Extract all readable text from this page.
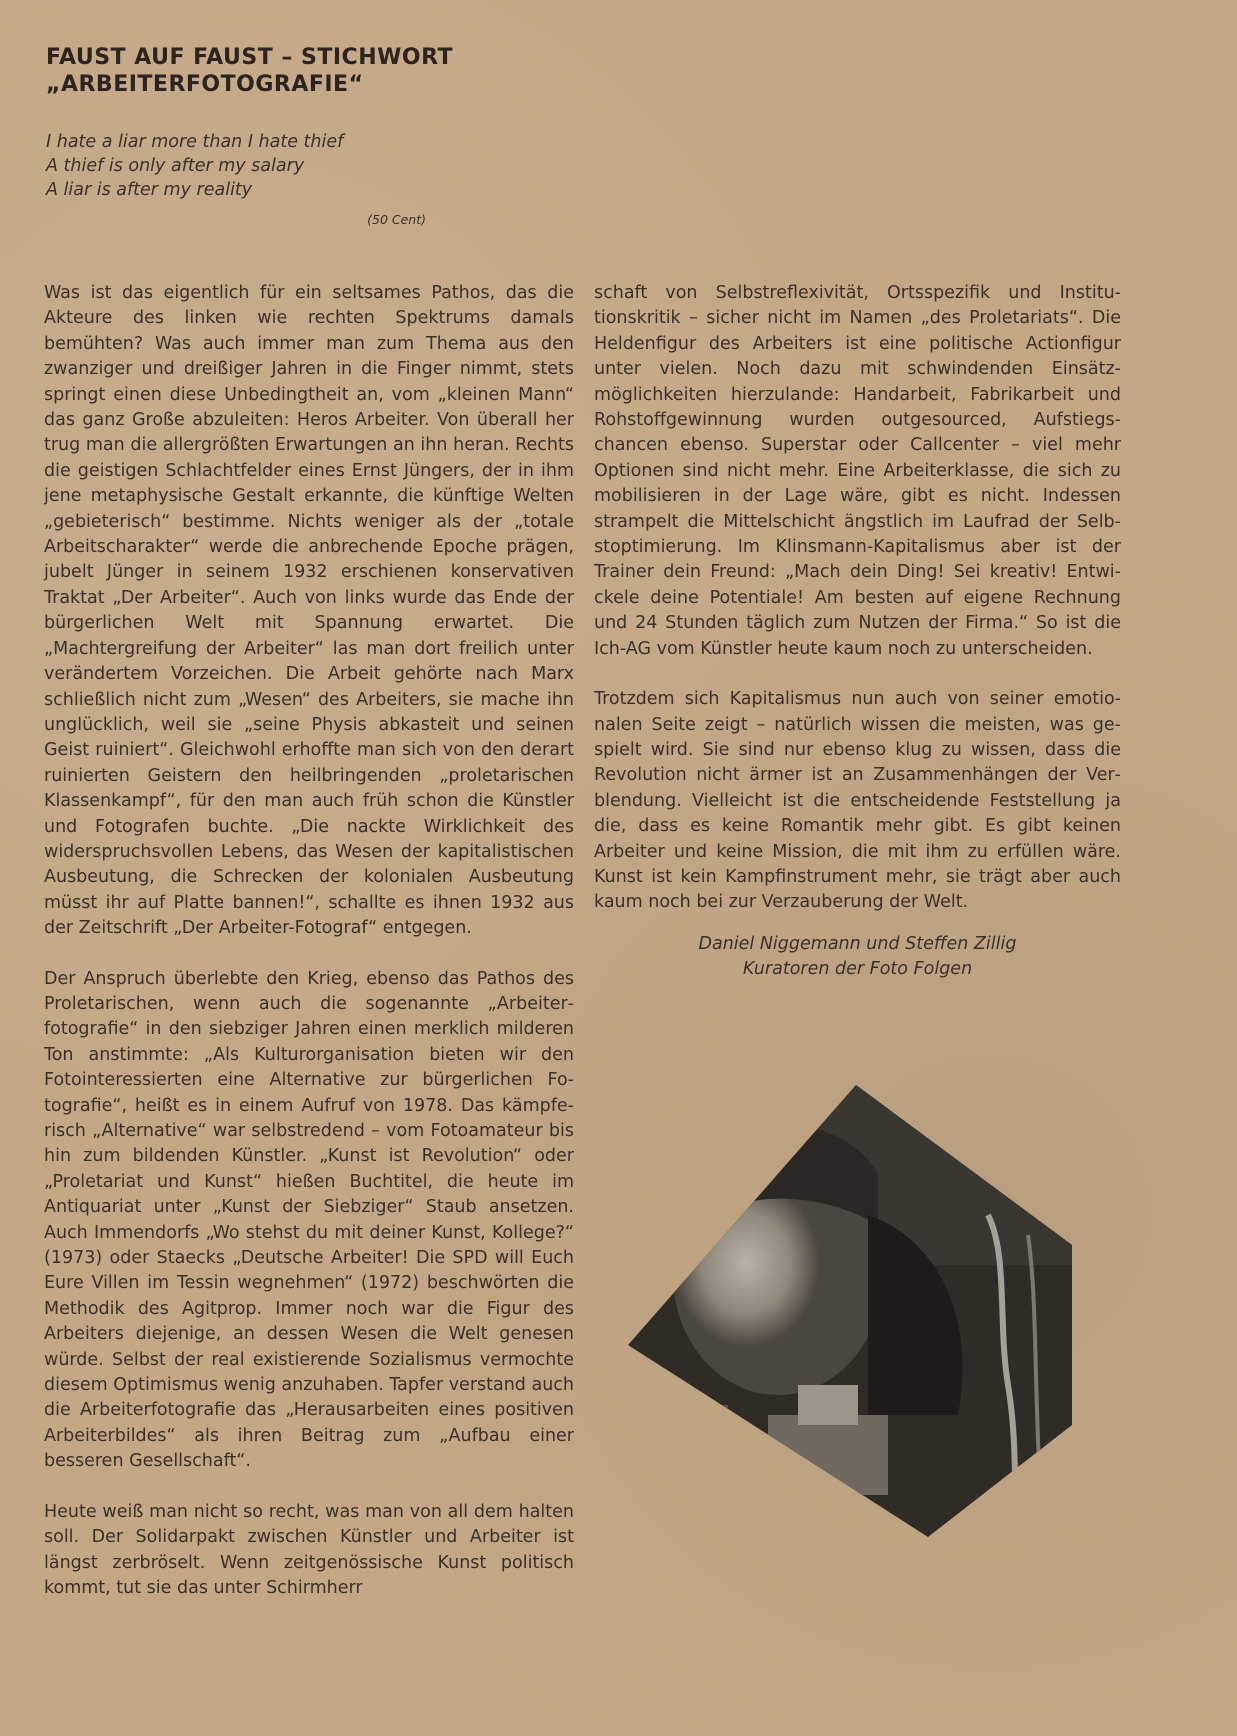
FAUST AUF FAUST – STICHWORT
„ARBEITERFOTOGRAFIE“
I hate a liar more than I hate thief
A thief is only after my salary
A liar is after my reality
(50 Cent)

Was ist das eigentlich für ein seltsames Pathos, das die Akteure des linken wie rechten Spektrums damals bemühten? Was auch immer man zum Thema aus den zwanziger und dreißiger Jahren in die Finger nimmt, stets springt einen diese Unbedingtheit an, vom „kleinen Mann“ das ganz Große abzuleiten: Heros Arbeiter. Von überall her trug man die allergrößten Erwartungen an ihn heran. Rechts die geistigen Schlachtfelder eines Ernst Jüngers, der in ihm jene metaphysische Gestalt erkannte, die künftige Welten „gebieterisch“ bestimme. Nichts weniger als der „totale Arbeitscharakter“ werde die anbrechende Epoche prägen, jubelt Jünger in seinem 1932 erschienen konservativen Traktat „Der Arbeiter“. Auch von links wurde das Ende der bürgerlichen Welt mit Spannung erwartet. Die „Machtergreifung der Arbeiter“ las man dort freilich unter verändertem Vorzeichen. Die Arbeit gehörte nach Marx schließlich nicht zum „Wesen“ des Arbeiters, sie mache ihn unglücklich, weil sie „seine Physis abkasteit und seinen Geist ruiniert“. Gleichwohl erhoffte man sich von den derart ruinierten Geistern den heilbringenden „proletarischen Klassenkampf“, für den man auch früh schon die Künstler und Fotografen buchte. „Die nackte Wirklichkeit des widerspruchsvollen Lebens, das Wesen der kapitalistischen Ausbeutung, die Schrecken der kolonialen Ausbeutung müsst ihr auf Platte bannen!“, schallte es ihnen 1932 aus der Zeitschrift „Der Arbeiter-Fotograf“ entgegen.

Der Anspruch überlebte den Krieg, ebenso das Pathos des Proletarischen, wenn auch die sogenannte „Arbeiterfotografie“ in den siebziger Jahren einen merklich milderen Ton anstimmte: „Als Kulturorganisation bieten wir den Fotointeressierten eine Alternative zur bürgerlichen Fotografie“, heißt es in einem Aufruf von 1978. Das kämpferisch „Alternative“ war selbstredend – vom Fotoamateur bis hin zum bildenden Künstler. „Kunst ist Revolution“ oder „Proletariat und Kunst“ hießen Buchtitel, die heute im Antiquariat unter „Kunst der Siebziger“ Staub ansetzen. Auch Immendorfs „Wo stehst du mit deiner Kunst, Kollege?“ (1973) oder Staecks „Deutsche Arbeiter! Die SPD will Euch Eure Villen im Tessin wegnehmen“ (1972) beschwörten die Methodik des Agitprop. Immer noch war die Figur des Arbeiters diejenige, an dessen Wesen die Welt genesen würde. Selbst der real existierende Sozialismus vermochte diesem Optimismus wenig anzuhaben. Tapfer verstand auch die Arbeiterfotografie das „Herausarbeiten eines positiven Arbeiterbildes“ als ihren Beitrag zum „Aufbau einer besseren Gesellschaft“.

Heute weiß man nicht so recht, was man von all dem halten soll. Der Solidarpakt zwischen Künstler und Arbeiter ist längst zerbröselt. Wenn zeitgenössische Kunst politisch kommt, tut sie das unter Schirmherr

schaft von Selbstreflexivität, Ortsspezifik und Institutionskritik – sicher nicht im Namen „des Proletariats“. Die Heldenfigur des Arbeiters ist eine politische Actionfigur unter vielen. Noch dazu mit schwindenden Einsätzmöglichkeiten hierzulande: Handarbeit, Fabrikarbeit und Rohstoffgewinnung wurden outgesourced, Aufstiegschancen ebenso. Superstar oder Callcenter – viel mehr Optionen sind nicht mehr. Eine Arbeiterklasse, die sich zu mobilisieren in der Lage wäre, gibt es nicht. Indessen strampelt die Mittelschicht ängstlich im Laufrad der Selbstoptimierung. Im Klinsmann-Kapitalismus aber ist der Trainer dein Freund: „Mach dein Ding! Sei kreativ! Entwickele deine Potentiale! Am besten auf eigene Rechnung und 24 Stunden täglich zum Nutzen der Firma.“ So ist die Ich-AG vom Künstler heute kaum noch zu unterscheiden.

Trotzdem sich Kapitalismus nun auch von seiner emotionalen Seite zeigt – natürlich wissen die meisten, was gespielt wird. Sie sind nur ebenso klug zu wissen, dass die Revolution nicht ärmer ist an Zusammenhängen der Verblendung. Vielleicht ist die entscheidende Feststellung ja die, dass es keine Romantik mehr gibt. Es gibt keinen Arbeiter und keine Mission, die mit ihm zu erfüllen wäre. Kunst ist kein Kampfinstrument mehr, sie trägt aber auch kaum noch bei zur Verzauberung der Welt.

Daniel Niggemann und Steffen Zillig
Kuratoren der Foto Folgen
